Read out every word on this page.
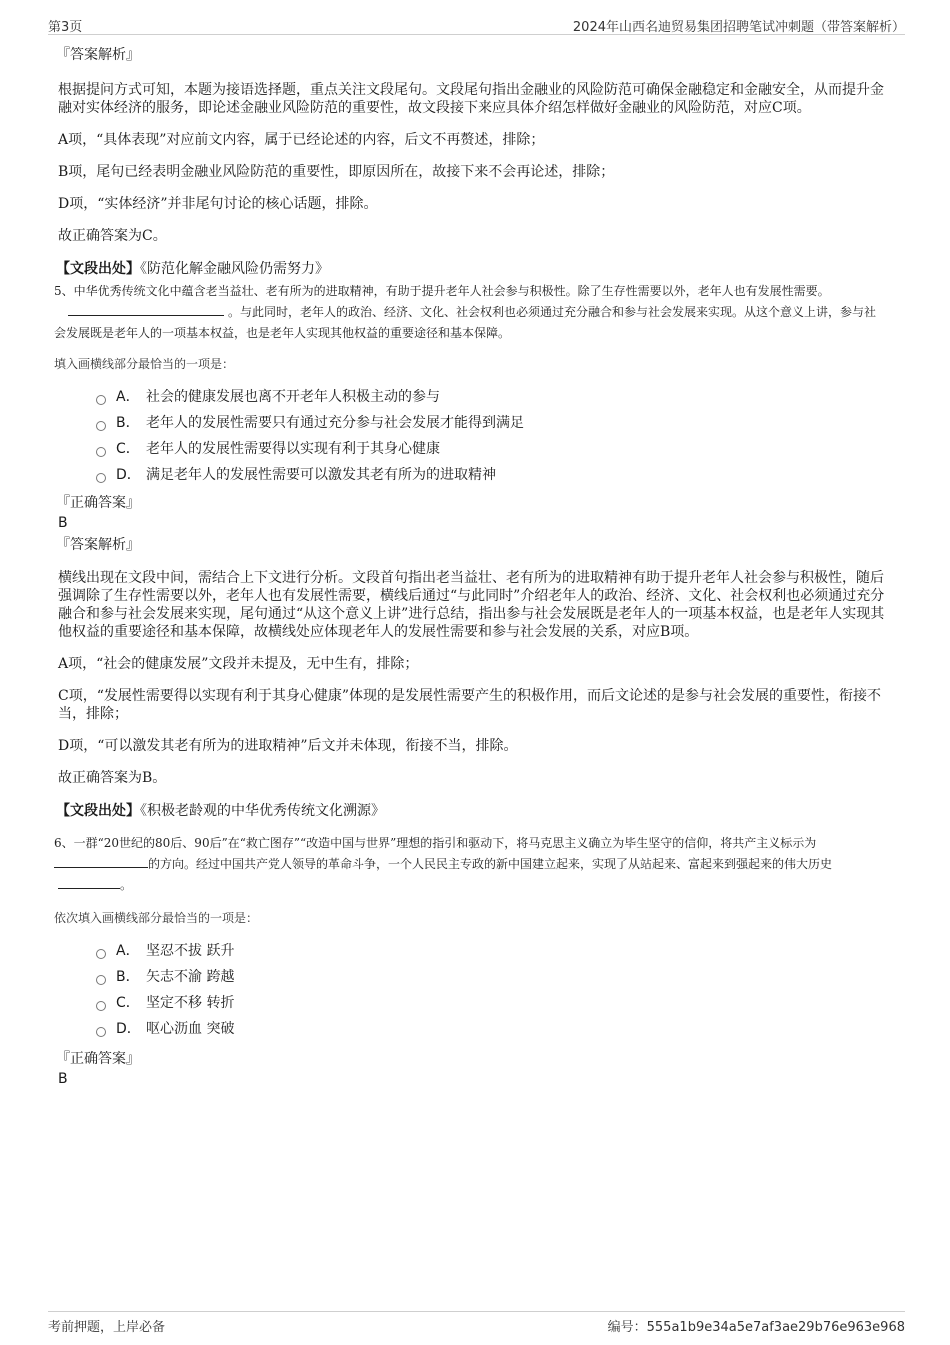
第3页	2024年山西名迪贸易集团招聘笔试冲刺题（带答案解析）

『答案解析』

根据提问方式可知，本题为接语选择题，重点关注文段尾句。文段尾句指出金融业的风险防范可确保金融稳定和金融安全，从而提升金融对实体经济的服务，即论述金融业风险防范的重要性，故文段接下来应具体介绍怎样做好金融业的风险防范，对应C项。

A项，“具体表现”对应前文内容，属于已经论述的内容，后文不再赘述，排除；

B项，尾句已经表明金融业风险防范的重要性，即原因所在，故接下来不会再论述，排除；

D项，“实体经济”并非尾句讨论的核心话题，排除。

故正确答案为C。

【文段出处】《防范化解金融风险仍需努力》

5、中华优秀传统文化中蕴含老当益壮、老有所为的进取精神，有助于提升老年人社会参与积极性。除了生存性需要以外，老年人也有发展性需要。。与此同时，老年人的政治、经济、文化、社会权利也必须通过充分融合和参与社会发展来实现。从这个意义上讲，参与社会发展既是老年人的一项基本权益，也是老年人实现其他权益的重要途径和基本保障。

填入画横线部分最恰当的一项是：

A． 社会的健康发展也离不开老年人积极主动的参与
B． 老年人的发展性需要只有通过充分参与社会发展才能得到满足
C． 老年人的发展性需要得以实现有利于其身心健康
D． 满足老年人的发展性需要可以激发其老有所为的进取精神

『正确答案』

B

『答案解析』

横线出现在文段中间，需结合上下文进行分析。文段首句指出老当益壮、老有所为的进取精神有助于提升老年人社会参与积极性，随后强调除了生存性需要以外，老年人也有发展性需要，横线后通过“与此同时”介绍老年人的政治、经济、文化、社会权利也必须通过充分融合和参与社会发展来实现，尾句通过“从这个意义上讲”进行总结，指出参与社会发展既是老年人的一项基本权益，也是老年人实现其他权益的重要途径和基本保障，故横线处应体现老年人的发展性需要和参与社会发展的关系，对应B项。

A项，“社会的健康发展”文段并未提及，无中生有，排除；

C项，“发展性需要得以实现有利于其身心健康”体现的是发展性需要产生的积极作用，而后文论述的是参与社会发展的重要性，衔接不当，排除；

D项，“可以激发其老有所为的进取精神”后文并未体现，衔接不当，排除。

故正确答案为B。

【文段出处】《积极老龄观的中华优秀传统文化溯源》

6、一群“20世纪的80后、90后”在“救亡图存”“改造中国与世界”理想的指引和驱动下，将马克思主义确立为毕生坚守的信仰，将共产主义标示为的方向。经过中国共产党人领导的革命斗争，一个人民民主专政的新中国建立起来，实现了从站起来、富起来到强起来的伟大历史。

依次填入画横线部分最恰当的一项是：

A． 坚忍不拔 跃升
B． 矢志不渝 跨越
C． 坚定不移 转折
D． 呕心沥血 突破

『正确答案』

B

考前押题，上岸必备	编号：555a1b9e34a5e7af3ae29b76e963e968
